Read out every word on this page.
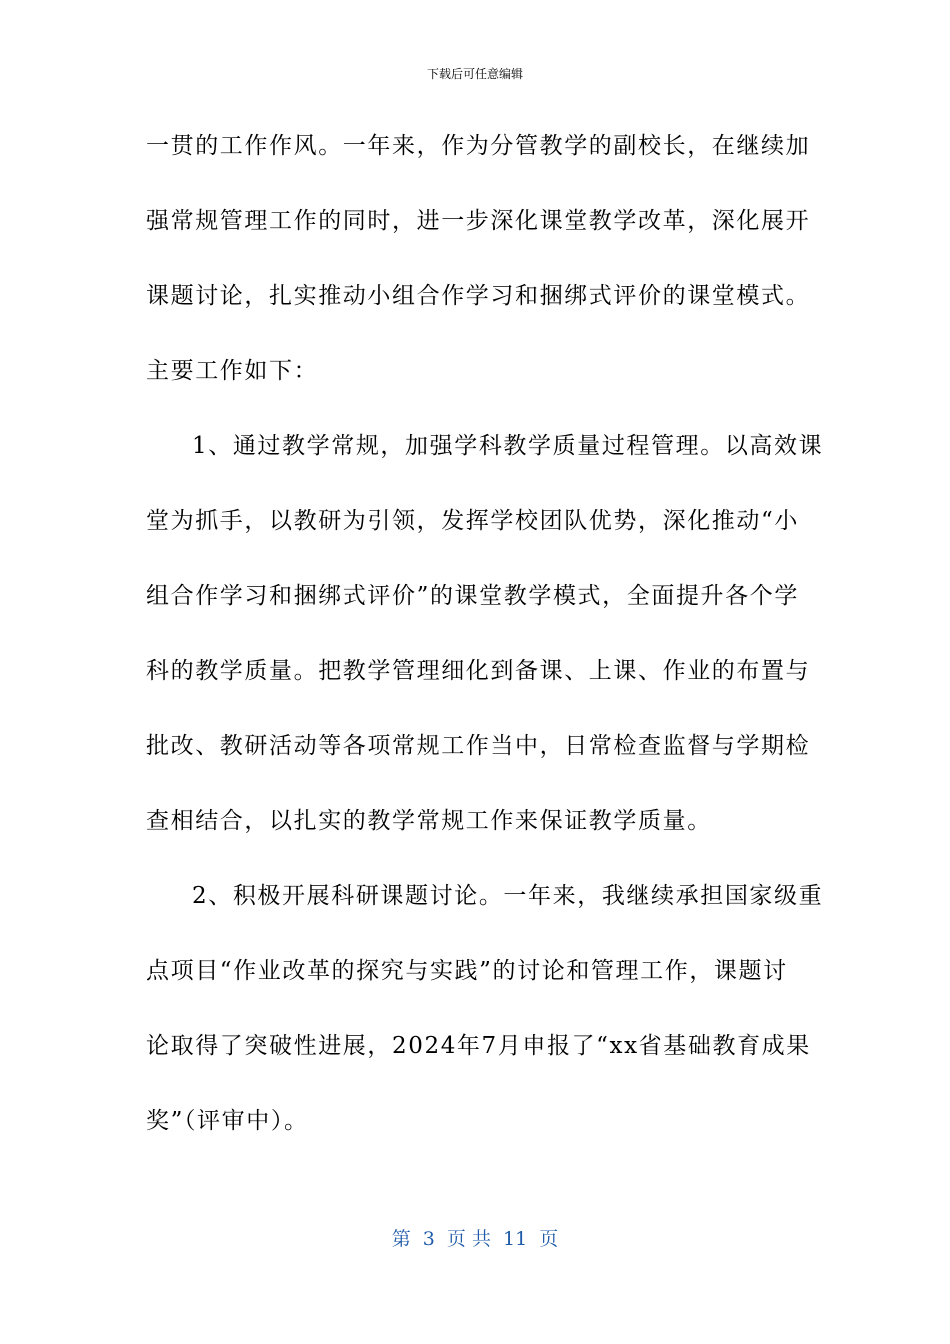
下载后可任意编辑
一贯的工作作风。一年来，作为分管教学的副校长，在继续加
强常规管理工作的同时，进一步深化课堂教学改革，深化展开
课题讨论，扎实推动小组合作学习和捆绑式评价的课堂模式。
主要工作如下：
1、通过教学常规，加强学科教学质量过程管理。以高效课
堂为抓手，以教研为引领，发挥学校团队优势，深化推动“小
组合作学习和捆绑式评价”的课堂教学模式，全面提升各个学
科的教学质量。把教学管理细化到备课、上课、作业的布置与
批改、教研活动等各项常规工作当中，日常检查监督与学期检
查相结合，以扎实的教学常规工作来保证教学质量。
2、积极开展科研课题讨论。一年来，我继续承担国家级重
点项目“作业改革的探究与实践”的讨论和管理工作，课题讨
论取得了突破性进展，2024年7月申报了“xx省基础教育成果
奖”（评审中）。
第  3  页 共  11  页
